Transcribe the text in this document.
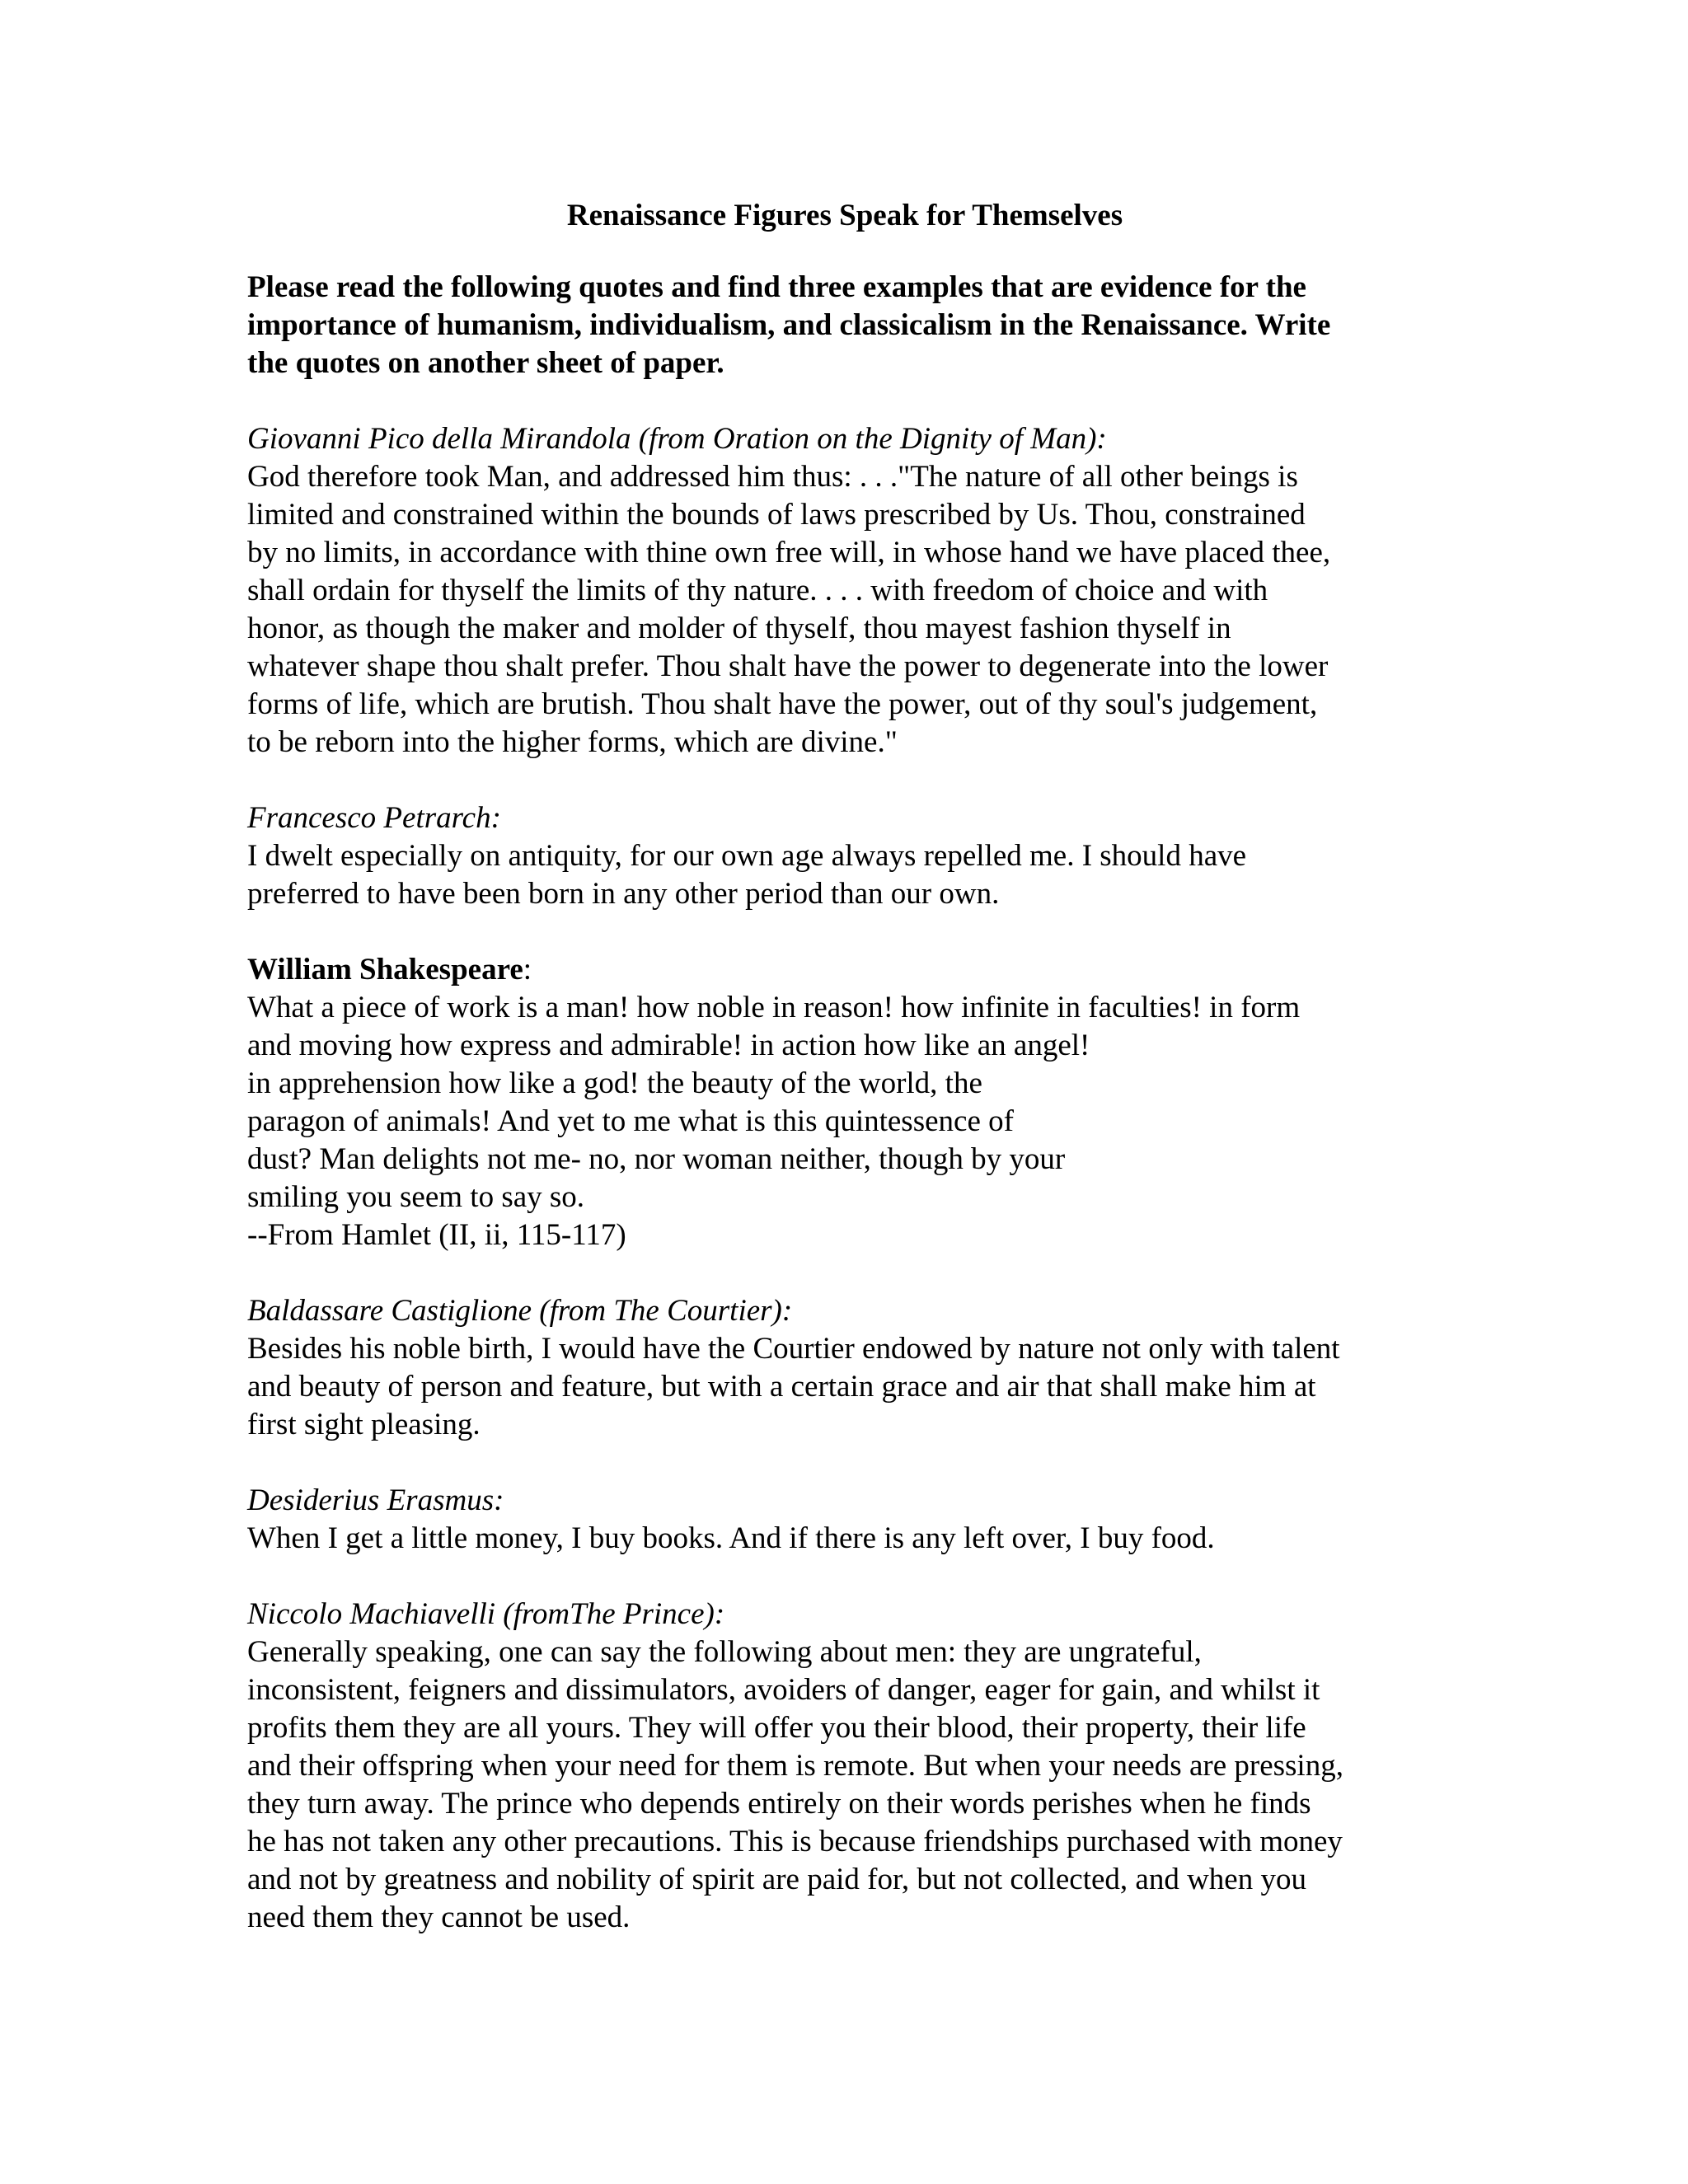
Renaissance Figures Speak for Themselves
Please read the following quotes and find three examples that are evidence for the
importance of humanism, individualism, and classicalism in the Renaissance. Write
the quotes on another sheet of paper.
Giovanni Pico della Mirandola (from Oration on the Dignity of Man):
God therefore took Man, and addressed him thus: . . ."The nature of all other beings is
limited and constrained within the bounds of laws prescribed by Us. Thou, constrained
by no limits, in accordance with thine own free will, in whose hand we have placed thee,
shall ordain for thyself the limits of thy nature. . . . with freedom of choice and with
honor, as though the maker and molder of thyself, thou mayest fashion thyself in
whatever shape thou shalt prefer. Thou shalt have the power to degenerate into the lower
forms of life, which are brutish. Thou shalt have the power, out of thy soul's judgement,
to be reborn into the higher forms, which are divine."
Francesco Petrarch:
I dwelt especially on antiquity, for our own age always repelled me. I should have
preferred to have been born in any other period than our own.
William Shakespeare:
What a piece of work is a man! how noble in reason! how infinite in faculties! in form
and moving how express and admirable! in action how like an angel!
in apprehension how like a god! the beauty of the world, the
paragon of animals! And yet to me what is this quintessence of
dust? Man delights not me- no, nor woman neither, though by your
smiling you seem to say so.
--From Hamlet (II, ii, 115-117)
Baldassare Castiglione (from The Courtier):
Besides his noble birth, I would have the Courtier endowed by nature not only with talent
and beauty of person and feature, but with a certain grace and air that shall make him at
first sight pleasing.
Desiderius Erasmus:
When I get a little money, I buy books. And if there is any left over, I buy food.
Niccolo Machiavelli (fromThe Prince):
Generally speaking, one can say the following about men: they are ungrateful,
inconsistent, feigners and dissimulators, avoiders of danger, eager for gain, and whilst it
profits them they are all yours. They will offer you their blood, their property, their life
and their offspring when your need for them is remote. But when your needs are pressing,
they turn away. The prince who depends entirely on their words perishes when he finds
he has not taken any other precautions. This is because friendships purchased with money
and not by greatness and nobility of spirit are paid for, but not collected, and when you
need them they cannot be used.
